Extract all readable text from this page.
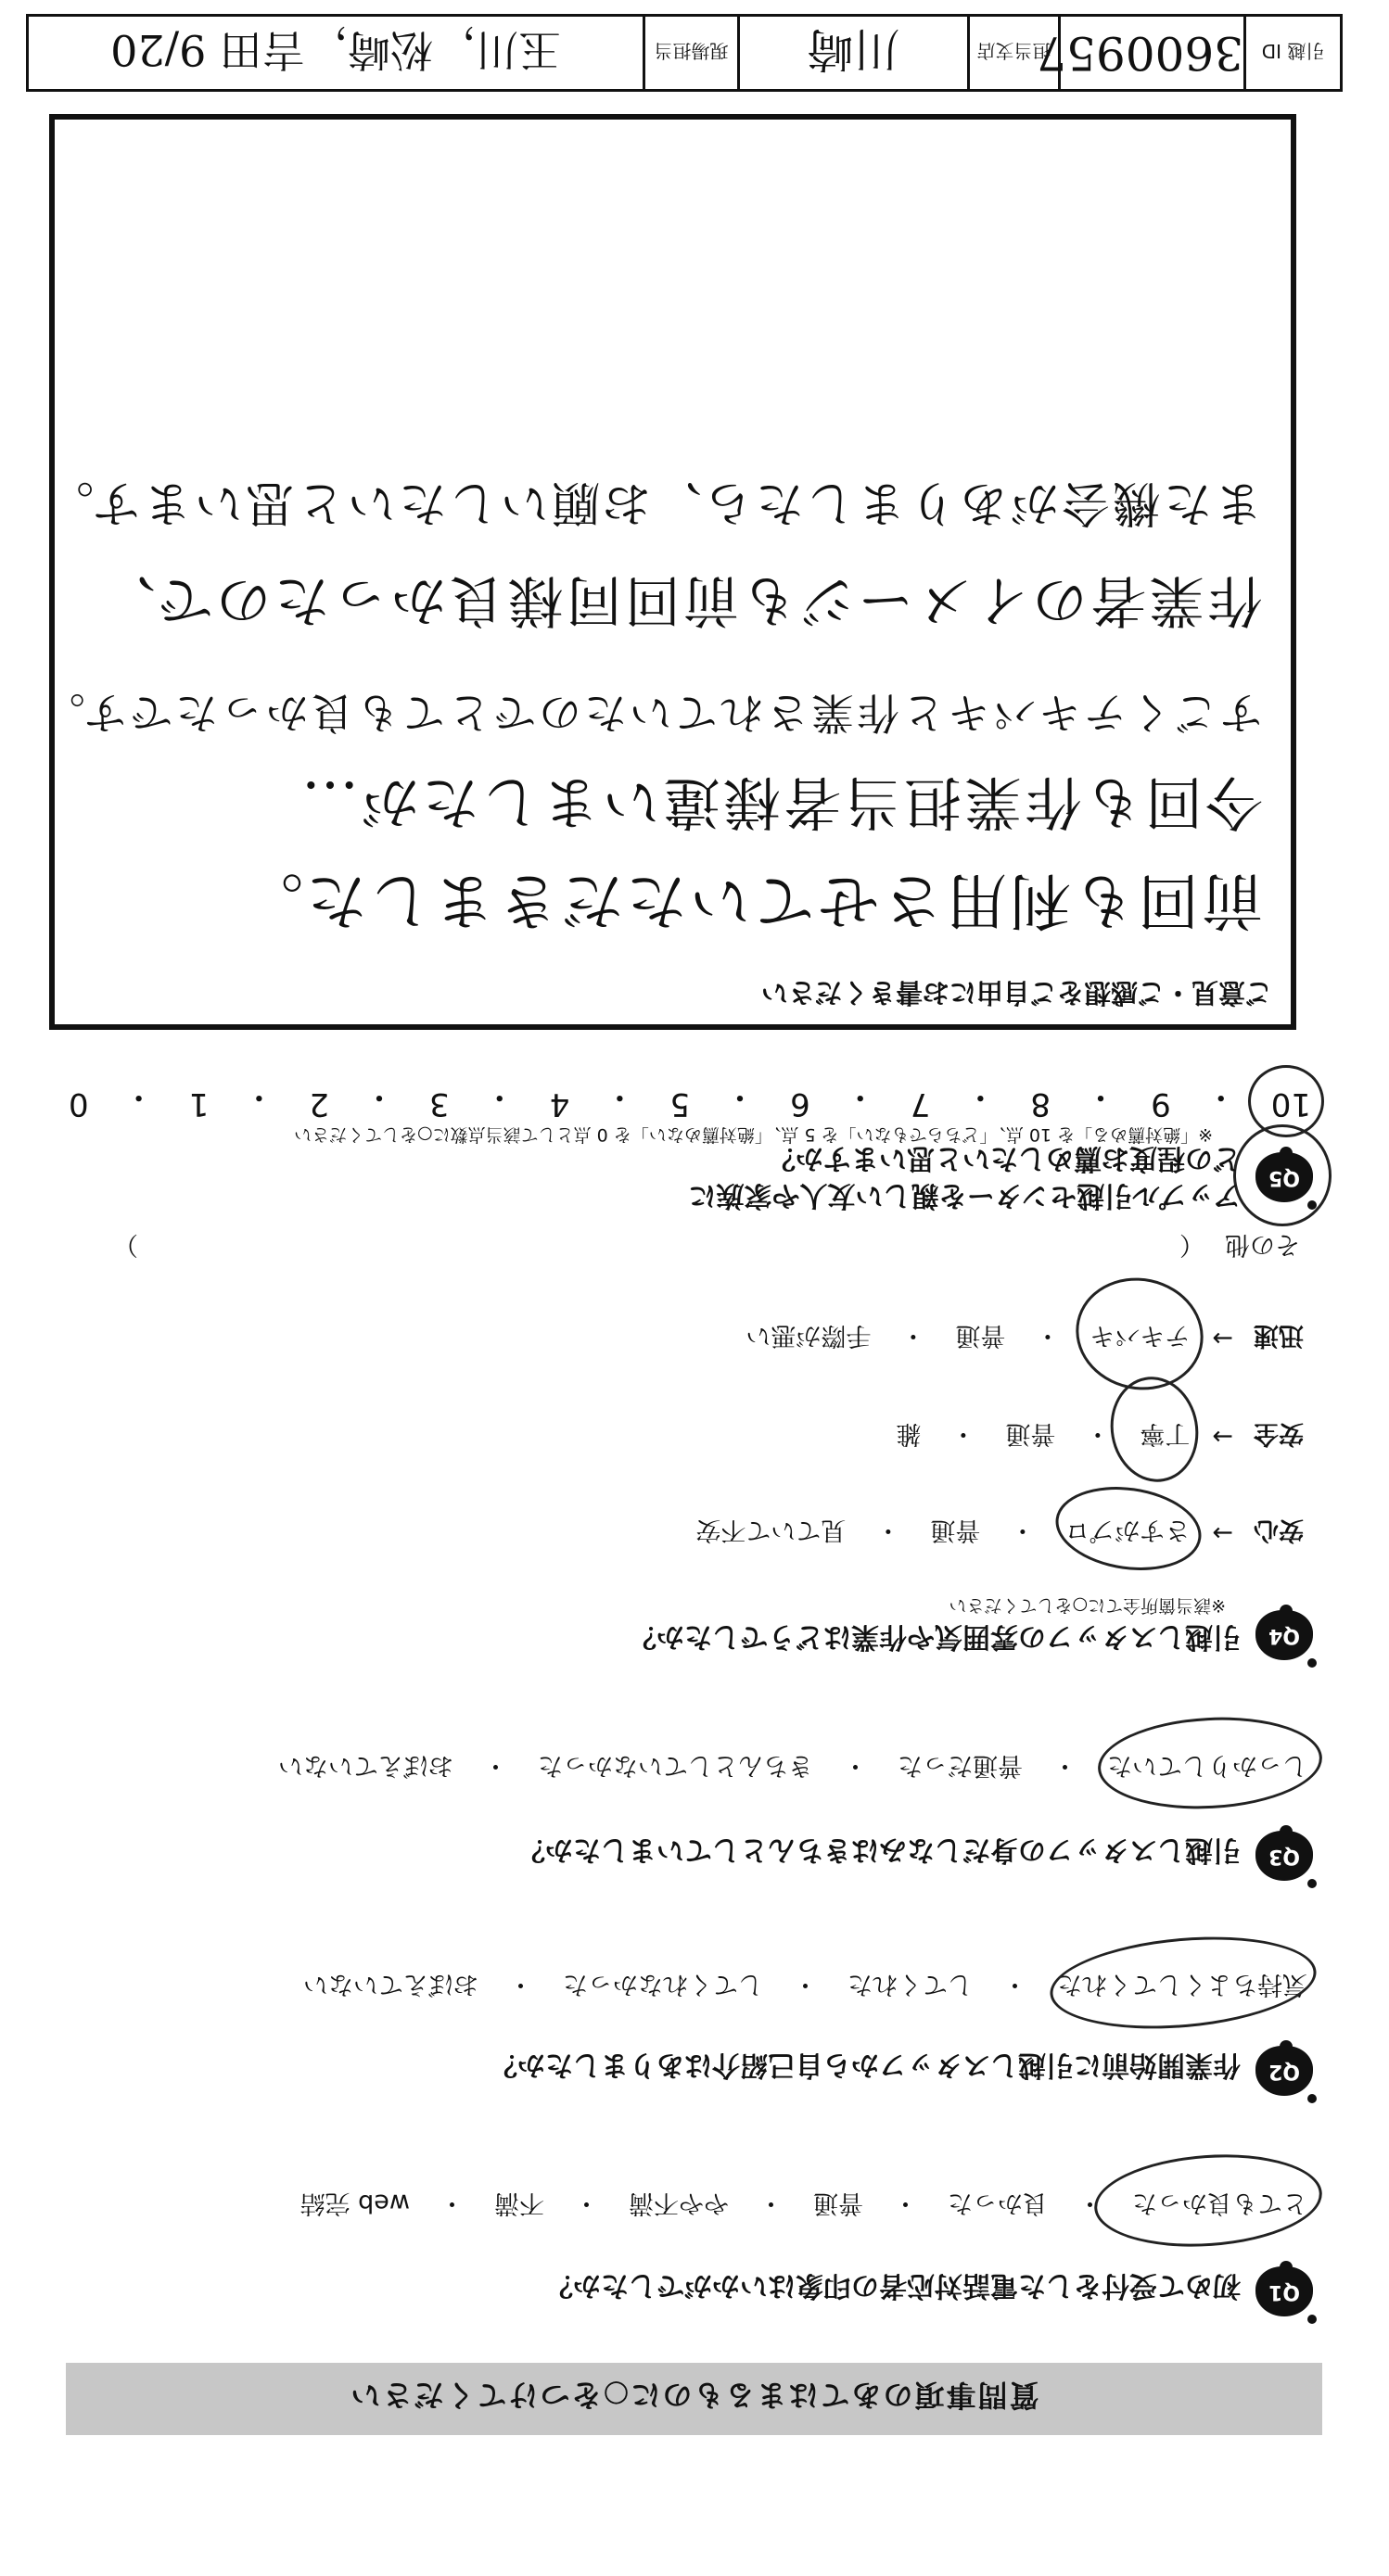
質問事項のあてはまるものに○をつけてください
Q1
初めて受付をした電話対応者の印象はいかがでしたか？
とても良かった
・
良かった
・
普通
・
やや不満
・
不満
・
web 完結
Q2
作業開始前に引越しスタッフから自己紹介はありましたか？
気持ちよくしてくれた
・
してくれた
・
してくれなかった
・
おぼえていない
Q3
引越しスタッフの身だしなみはきちんとしていましたか？
しっかりしていた
・
普通だった
・
きちんとしていなかった
・
おぼえていない
Q4
引越しスタッフの雰囲気や作業はどうでしたか？
※該当箇所全てに○をしてください
安心
→
さすがプロ
・
普通
・
見ていて不安
安全
→
丁寧
・
普通
・
雑
迅速
→
テキパキ
・
普通
・
手際が悪い
その他
（
）
Q5
アップル引越センターを親しい友人や家族に
どの程度お薦めしたいと思いますか？
※「絶対薦める」を 10 点、「どちらでもない」を 5 点、「絶対薦めない」を 0 点として該当点数に○をしてください
10
・
9
・
8
・
7
・
6
・
5
・
4
・
3
・
2
・
1
・
0
ご意見・ご感想をご自由にお書きください
前回も利用させていただきました。
今回も作業担当者様違いましたが…
すごくテキパキと作業されていたのでとても良かったです。
作業者のイメージも前回同様良かったので、
また機会がありましたら、お願いしたいと思います。
引越 ID
3600957
担当支店
川崎
現場担当
玉川，松崎，吉田 9/20
